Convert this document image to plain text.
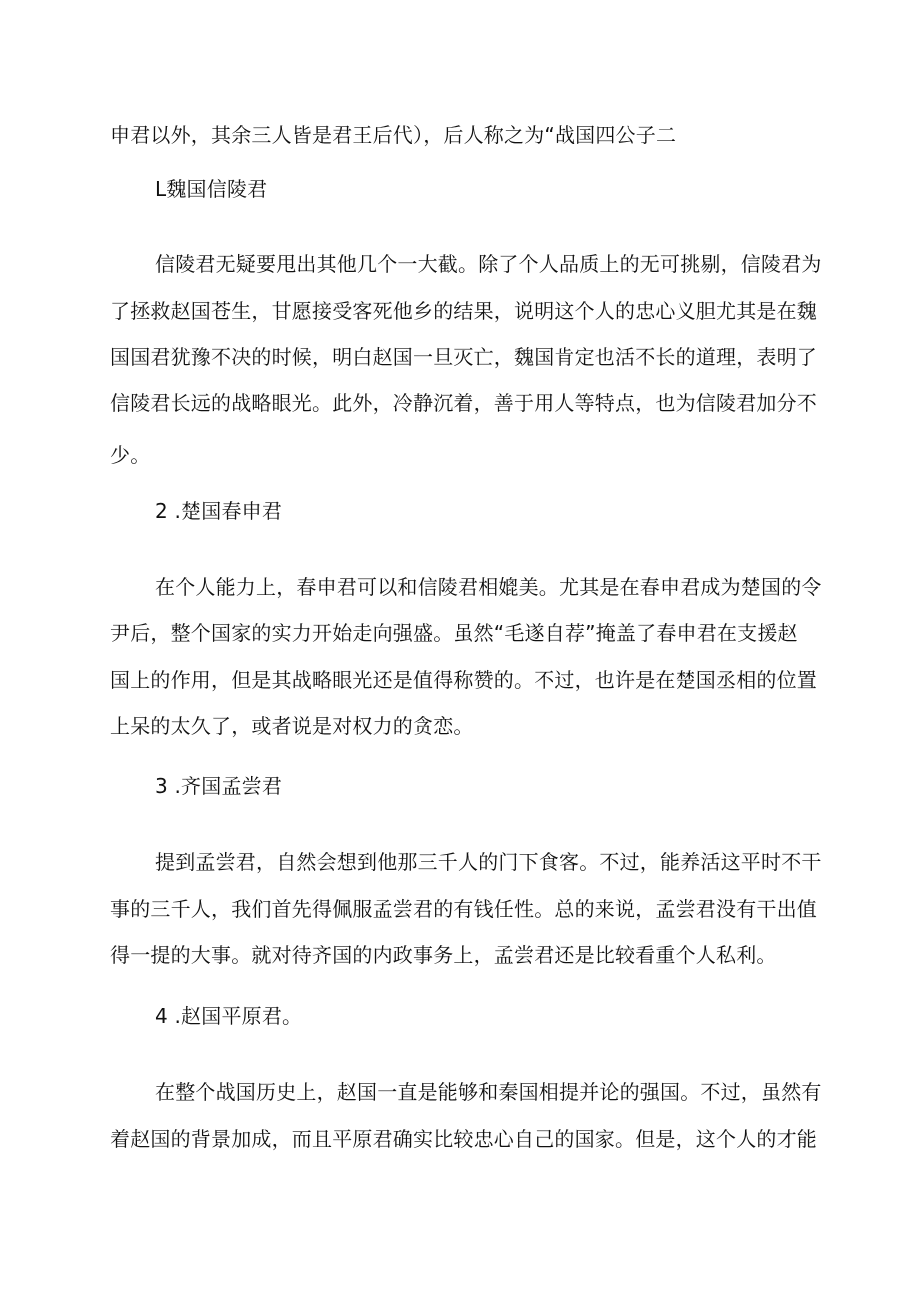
申君以外，其余三人皆是君王后代），后人称之为“战国四公子二
L魏国信陵君
信陵君无疑要甩出其他几个一大截。除了个人品质上的无可挑剔，信陵君为
了拯救赵国苍生，甘愿接受客死他乡的结果，说明这个人的忠心义胆尤其是在魏
国国君犹豫不决的时候，明白赵国一旦灭亡，魏国肯定也活不长的道理，表明了
信陵君长远的战略眼光。此外，冷静沉着，善于用人等特点，也为信陵君加分不
少。
2 .楚国春申君
在个人能力上，春申君可以和信陵君相媲美。尤其是在春申君成为楚国的令
尹后，整个国家的实力开始走向强盛。虽然“毛遂自荐”掩盖了春申君在支援赵
国上的作用，但是其战略眼光还是值得称赞的。不过，也许是在楚国丞相的位置
上呆的太久了，或者说是对权力的贪恋。
3 .齐国孟尝君
提到孟尝君，自然会想到他那三千人的门下食客。不过，能养活这平时不干
事的三千人，我们首先得佩服孟尝君的有钱任性。总的来说，孟尝君没有干出值
得一提的大事。就对待齐国的内政事务上，孟尝君还是比较看重个人私利。
4 .赵国平原君。
在整个战国历史上，赵国一直是能够和秦国相提并论的强国。不过，虽然有
着赵国的背景加成，而且平原君确实比较忠心自己的国家。但是，这个人的才能
